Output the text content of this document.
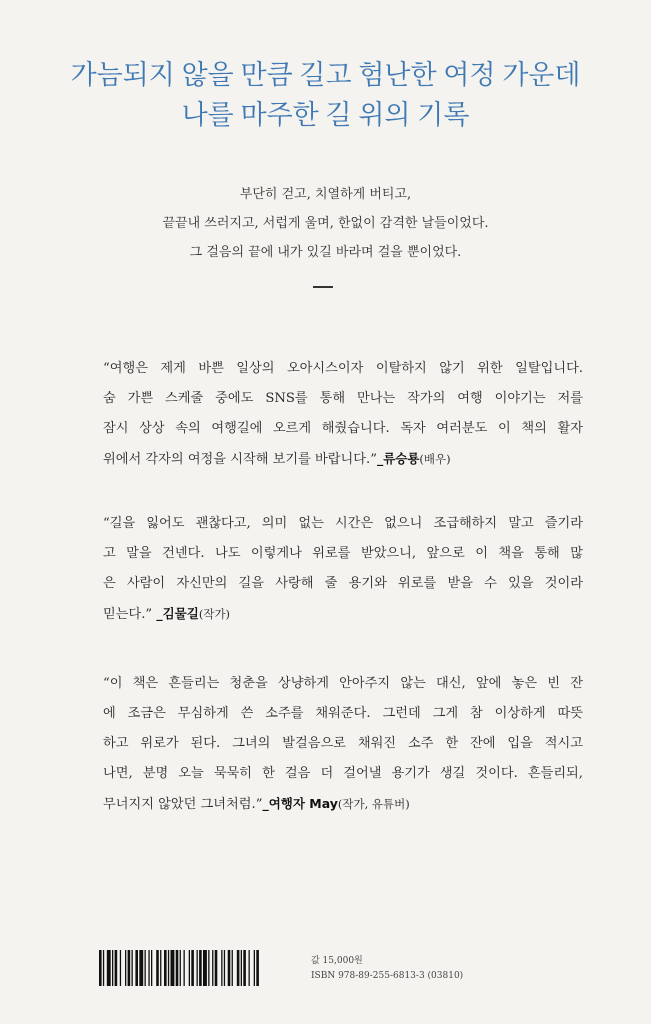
가늠되지 않을 만큼 길고 험난한 여정 가운데
나를 마주한 길 위의 기록
부단히 걷고, 치열하게 버티고,
끝끝내 쓰러지고, 서럽게 울며, 한없이 감격한 날들이었다.
그 걸음의 끝에 내가 있길 바라며 걸을 뿐이었다.
“여행은 제게 바쁜 일상의 오아시스이자 이탈하지 않기 위한 일탈입니다.
숨 가쁜 스케줄 중에도 SNS를 통해 만나는 작가의 여행 이야기는 저를
잠시 상상 속의 여행길에 오르게 해줬습니다. 독자 여러분도 이 책의 활자
위에서 각자의 여정을 시작해 보기를 바랍니다.”_류승룡(배우)
“길을 잃어도 괜찮다고, 의미 없는 시간은 없으니 조급해하지 말고 즐기라
고 말을 건넨다. 나도 이렇게나 위로를 받았으니, 앞으로 이 책을 통해 많
은 사람이 자신만의 길을 사랑해 줄 용기와 위로를 받을 수 있을 것이라
믿는다.” _김물길(작가)
“이 책은 흔들리는 청춘을 상냥하게 안아주지 않는 대신, 앞에 놓은 빈 잔
에 조금은 무심하게 쓴 소주를 채워준다. 그런데 그게 참 이상하게 따뜻
하고 위로가 된다. 그녀의 발걸음으로 채워진 소주 한 잔에 입을 적시고
나면, 분명 오늘 묵묵히 한 걸음 더 걸어낼 용기가 생길 것이다. 흔들리되,
무너지지 않았던 그녀처럼.”_여행자 May(작가, 유튜버)
값 15,000원
ISBN 978-89-255-6813-3 (03810)
